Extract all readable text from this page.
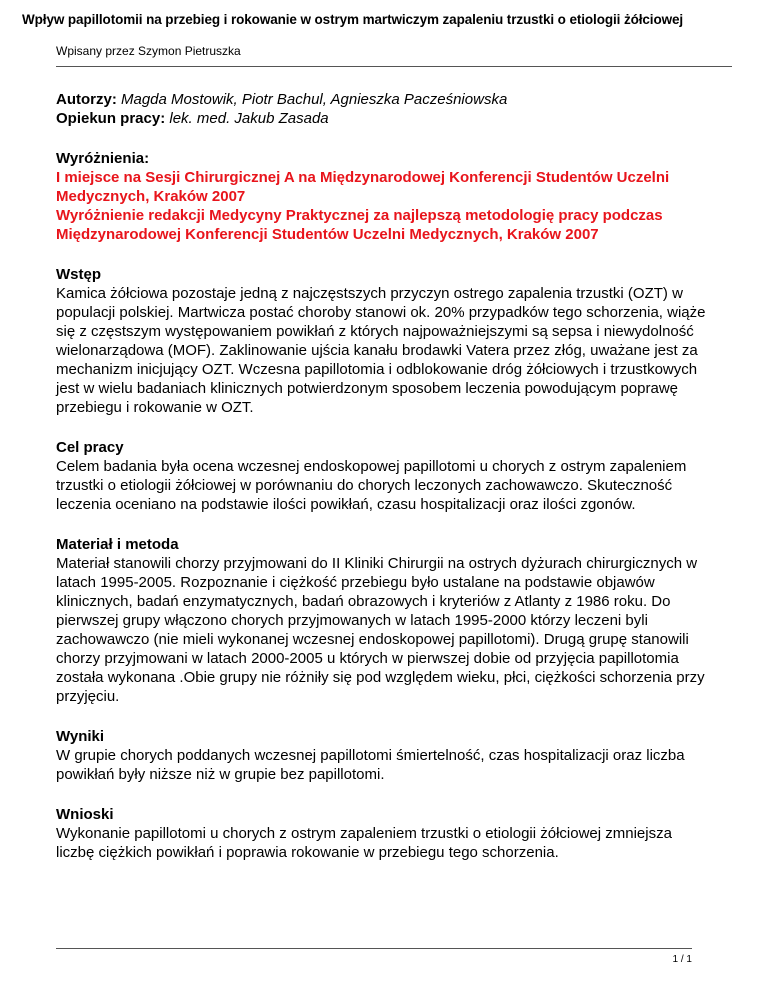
Wpływ papillotomii na przebieg i rokowanie w ostrym martwiczym zapaleniu trzustki o etiologii żółciowej
Wpisany przez Szymon Pietruszka

Autorzy: Magda Mostowik, Piotr Bachul, Agnieszka Pacześniowska

Opiekun pracy: lek. med. Jakub Zasada

Wyróżnienia:

I miejsce na Sesji Chirurgicznej A na Międzynarodowej Konferencji Studentów Uczelni Medycznych, Kraków 2007

Wyróżnienie redakcji Medycyny Praktycznej za najlepszą metodologię pracy podczas Międzynarodowej Konferencji Studentów Uczelni Medycznych, Kraków 2007

Wstęp

Kamica żółciowa pozostaje jedną z najczęstszych przyczyn ostrego zapalenia trzustki (OZT) w populacji polskiej. Martwicza postać choroby stanowi ok. 20% przypadków tego schorzenia, wiąże się z częstszym występowaniem powikłań z których najpoważniejszymi są sepsa i niewydolność wielonarządowa (MOF). Zaklinowanie ujścia kanału brodawki Vatera przez złóg, uważane jest za mechanizm inicjujący OZT. Wczesna papillotomia i odblokowanie dróg żółciowych i trzustkowych jest w wielu badaniach klinicznych potwierdzonym sposobem leczenia powodującym poprawę przebiegu i rokowanie w OZT.

Cel pracy

Celem badania była ocena wczesnej endoskopowej papillotomi u chorych z ostrym zapaleniem trzustki o etiologii żółciowej w porównaniu do chorych leczonych zachowawczo. Skuteczność leczenia oceniano na podstawie ilości powikłań, czasu hospitalizacji oraz ilości zgonów.

Materiał i metoda

Materiał stanowili chorzy przyjmowani do II Kliniki Chirurgii na ostrych dyżurach chirurgicznych w latach 1995-2005. Rozpoznanie i ciężkość przebiegu było ustalane na podstawie objawów klinicznych, badań enzymatycznych, badań obrazowych i kryteriów z Atlanty z 1986 roku. Do pierwszej grupy włączono chorych przyjmowanych w latach 1995-2000 którzy leczeni byli zachowawczo (nie mieli wykonanej wczesnej endoskopowej papillotomi). Drugą grupę stanowili chorzy przyjmowani w latach 2000-2005 u których w pierwszej dobie od przyjęcia papillotomia została wykonana .Obie grupy nie różniły się pod względem wieku, płci, ciężkości schorzenia przy przyjęciu.

Wyniki

W grupie chorych poddanych wczesnej papillotomi śmiertelność, czas hospitalizacji oraz liczba powikłań były niższe niż w grupie bez papillotomi.

Wnioski

Wykonanie papillotomi u chorych z ostrym zapaleniem trzustki o etiologii żółciowej zmniejsza liczbę ciężkich powikłań i poprawia rokowanie w przebiegu tego schorzenia.

1 / 1
